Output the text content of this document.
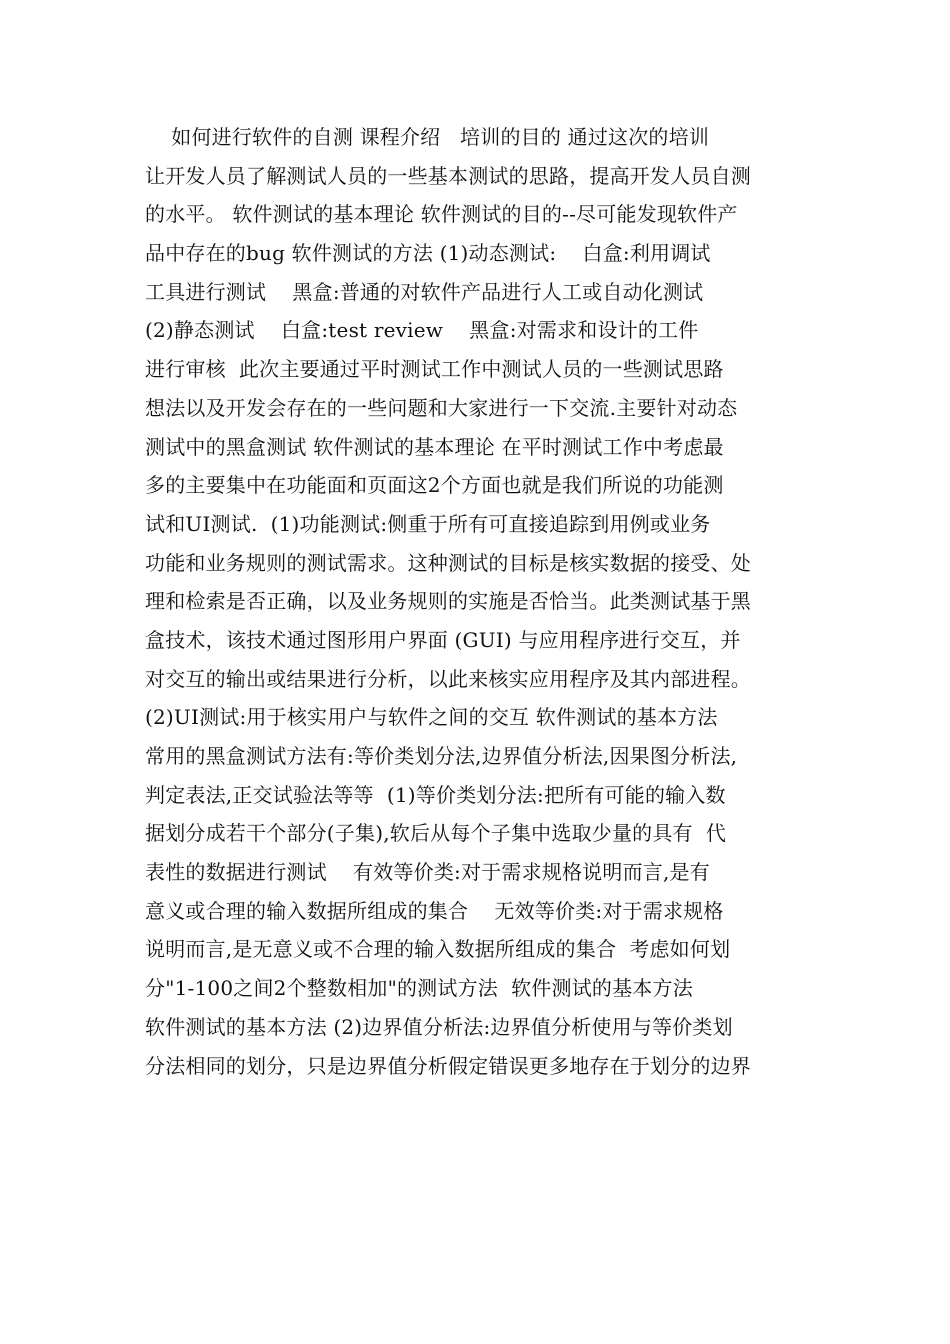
如何进行软件的自测 课程介绍   培训的目的 通过这次的培训
让开发人员了解测试人员的一些基本测试的思路，提高开发人员自测
的水平。 软件测试的基本理论 软件测试的目的--尽可能发现软件产
品中存在的bug 软件测试的方法 (1)动态测试:    白盒:利用调试
工具进行测试    黑盒:普通的对软件产品进行人工或自动化测试
(2)静态测试    白盒:test review    黑盒:对需求和设计的工件
进行审核  此次主要通过平时测试工作中测试人员的一些测试思路
想法以及开发会存在的一些问题和大家进行一下交流.主要针对动态
测试中的黑盒测试 软件测试的基本理论 在平时测试工作中考虑最
多的主要集中在功能面和页面这2个方面也就是我们所说的功能测
试和UI测试.  (1)功能测试:侧重于所有可直接追踪到用例或业务
功能和业务规则的测试需求。这种测试的目标是核实数据的接受、处
理和检索是否正确，以及业务规则的实施是否恰当。此类测试基于黑
盒技术，该技术通过图形用户界面 (GUI) 与应用程序进行交互，并
对交互的输出或结果进行分析，以此来核实应用程序及其内部进程。
(2)UI测试:用于核实用户与软件之间的交互 软件测试的基本方法
常用的黑盒测试方法有:等价类划分法,边界值分析法,因果图分析法,
判定表法,正交试验法等等  (1)等价类划分法:把所有可能的输入数
据划分成若干个部分(子集),软后从每个子集中选取少量的具有  代
表性的数据进行测试    有效等价类:对于需求规格说明而言,是有
意义或合理的输入数据所组成的集合    无效等价类:对于需求规格
说明而言,是无意义或不合理的输入数据所组成的集合  考虑如何划
分"1-100之间2个整数相加"的测试方法  软件测试的基本方法
软件测试的基本方法 (2)边界值分析法:边界值分析使用与等价类划
分法相同的划分，只是边界值分析假定错误更多地存在于划分的边界
